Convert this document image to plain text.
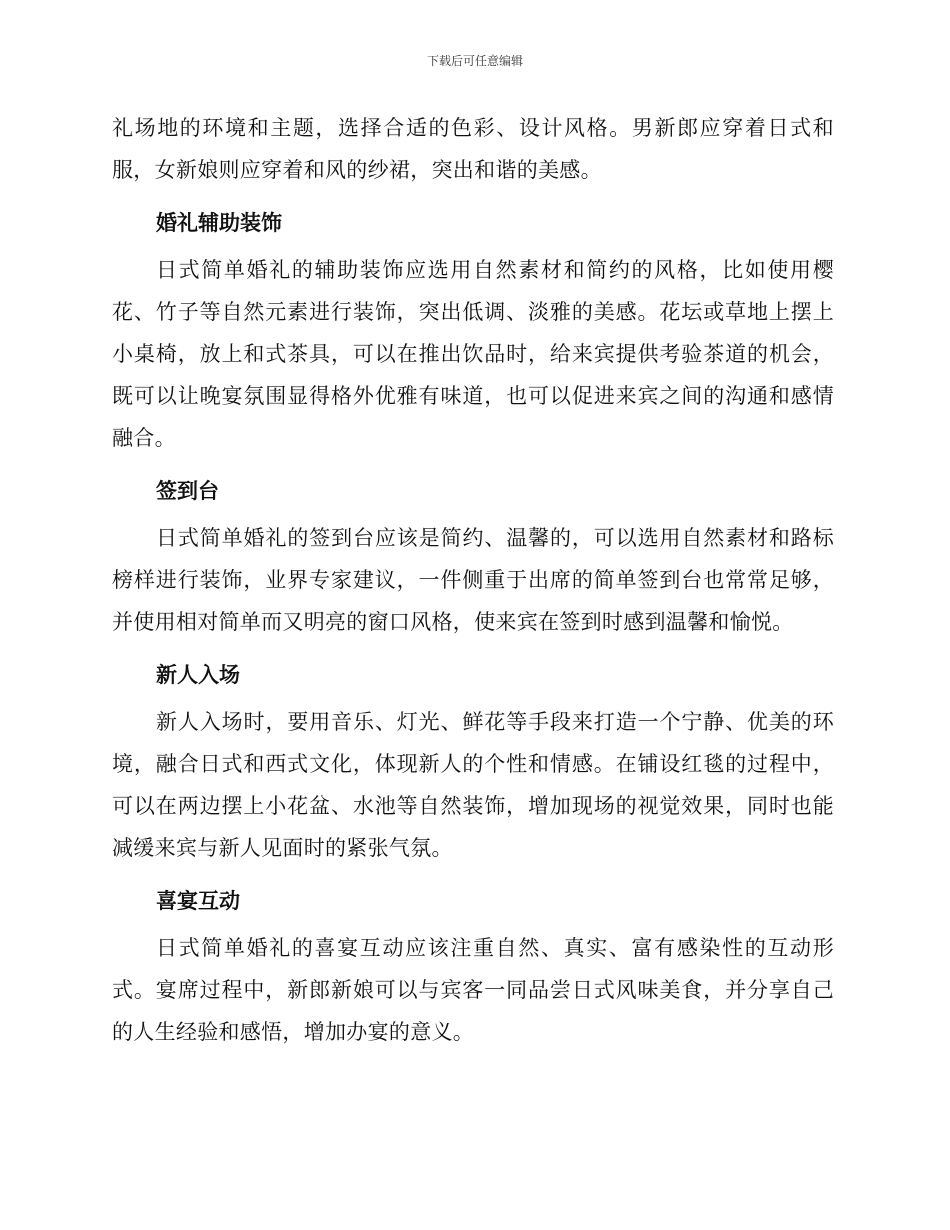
下载后可任意编辑

礼场地的环境和主题，选择合适的色彩、设计风格。男新郎应穿着日式和服，女新娘则应穿着和风的纱裙，突出和谐的美感。

婚礼辅助装饰

日式简单婚礼的辅助装饰应选用自然素材和简约的风格，比如使用樱花、竹子等自然元素进行装饰，突出低调、淡雅的美感。花坛或草地上摆上小桌椅，放上和式茶具，可以在推出饮品时，给来宾提供考验茶道的机会，既可以让晚宴氛围显得格外优雅有味道，也可以促进来宾之间的沟通和感情融合。

签到台

日式简单婚礼的签到台应该是简约、温馨的，可以选用自然素材和路标榜样进行装饰，业界专家建议，一件侧重于出席的简单签到台也常常足够，并使用相对简单而又明亮的窗口风格，使来宾在签到时感到温馨和愉悦。

新人入场

新人入场时，要用音乐、灯光、鲜花等手段来打造一个宁静、优美的环境，融合日式和西式文化，体现新人的个性和情感。在铺设红毯的过程中，可以在两边摆上小花盆、水池等自然装饰，增加现场的视觉效果，同时也能减缓来宾与新人见面时的紧张气氛。

喜宴互动

日式简单婚礼的喜宴互动应该注重自然、真实、富有感染性的互动形式。宴席过程中，新郎新娘可以与宾客一同品尝日式风味美食，并分享自己的人生经验和感悟，增加办宴的意义。
